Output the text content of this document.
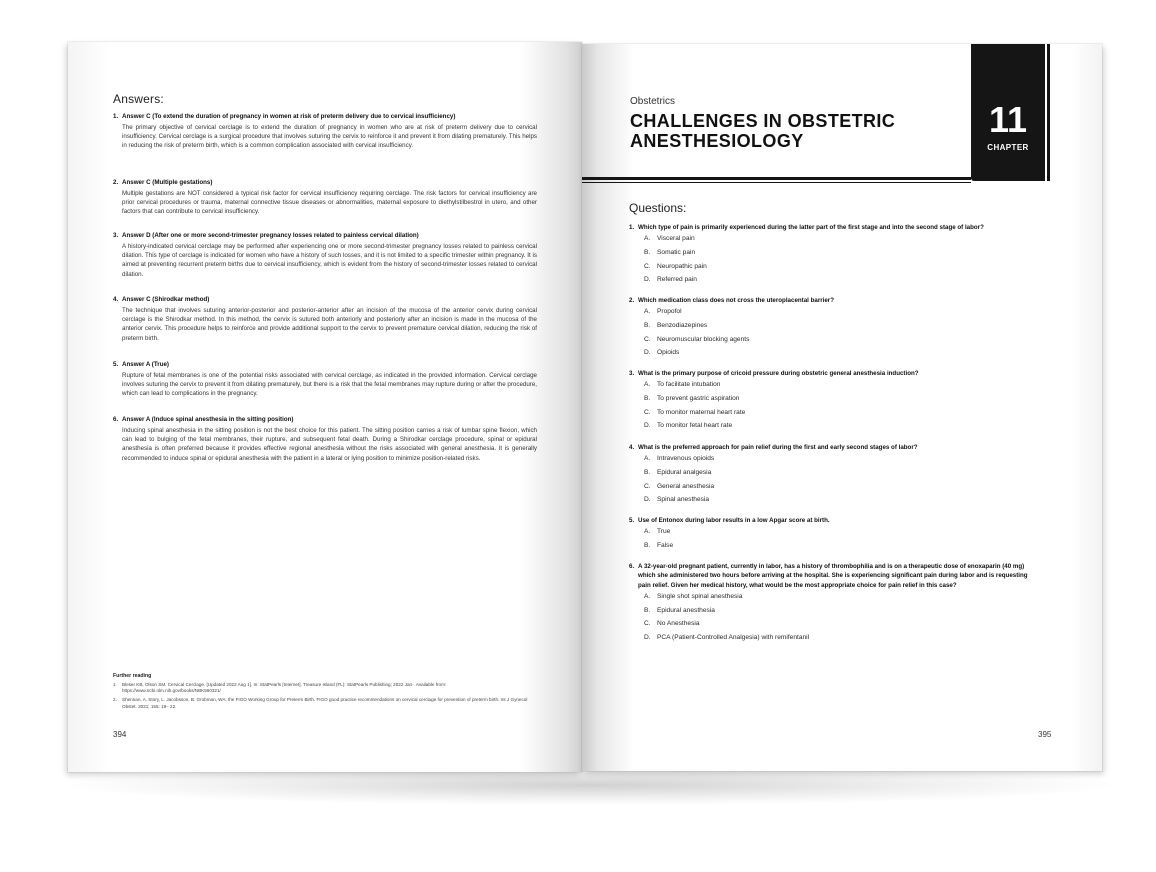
Answers:
1. Answer C (To extend the duration of pregnancy in women at risk of preterm delivery due to cervical insufficiency)
The primary objective of cervical cerclage is to extend the duration of pregnancy in women who are at risk of preterm delivery due to cervical insufficiency. Cervical cerclage is a surgical procedure that involves suturing the cervix to reinforce it and prevent it from dilating prematurely. This helps in reducing the risk of preterm birth, which is a common complication associated with cervical insufficiency.
2. Answer C (Multiple gestations)
Multiple gestations are NOT considered a typical risk factor for cervical insufficiency requiring cerclage. The risk factors for cervical insufficiency are prior cervical procedures or trauma, maternal connective tissue diseases or abnormalities, maternal exposure to diethylstilbestrol in utero, and other factors that can contribute to cervical insufficiency.
3. Answer D (After one or more second-trimester pregnancy losses related to painless cervical dilation)
A history-indicated cervical cerclage may be performed after experiencing one or more second-trimester pregnancy losses related to painless cervical dilation. This type of cerclage is indicated for women who have a history of such losses, and it is not limited to a specific trimester within pregnancy. It is aimed at preventing recurrent preterm births due to cervical insufficiency, which is evident from the history of second-trimester losses related to cervical dilation.
4. Answer C (Shirodkar method)
The technique that involves suturing anterior-posterior and posterior-anterior after an incision of the mucosa of the anterior cervix during cervical cerclage is the Shirodkar method. In this method, the cervix is sutured both anteriorly and posteriorly after an incision is made in the mucosa of the anterior cervix. This procedure helps to reinforce and provide additional support to the cervix to prevent premature cervical dilation, reducing the risk of preterm birth.
5. Answer A (True)
Rupture of fetal membranes is one of the potential risks associated with cervical cerclage, as indicated in the provided information. Cervical cerclage involves suturing the cervix to prevent it from dilating prematurely, but there is a risk that the fetal membranes may rupture during or after the procedure, which can lead to complications in the pregnancy.
6. Answer A (Induce spinal anesthesia in the sitting position)
Inducing spinal anesthesia in the sitting position is not the best choice for this patient. The sitting position carries a risk of lumbar spine flexion, which can lead to bulging of the fetal membranes, their rupture, and subsequent fetal death. During a Shirodkar cerclage procedure, spinal or epidural anesthesia is often preferred because it provides effective regional anesthesia without the risks associated with general anesthesia. It is generally recommended to induce spinal or epidural anesthesia with the patient in a lateral or lying position to minimize position-related risks.
Further reading
1.	Bleser KB, Olson SM. Cervical Cerclage. [Updated 2022 Aug 1]. In: StatPearls [Internet]. Treasure Island (FL): StatPearls Publishing; 2022 Jan-. Available from: https://www.ncbi.nlm.nih.gov/books/NBK560321/
2.	Shennan, A. Story, L. Jacobsson, B. Grobman, WA; the FIGO Working Group for Preterm Birth. FIGO good practice recommendations on cervical cerclage for prevention of preterm birth. Int J Gynecol Obstet. 2021; 155: 19– 22.
394
Obstetrics
CHALLENGES IN OBSTETRIC
ANESTHESIOLOGY
11
CHAPTER
Questions:
1. Which type of pain is primarily experienced during the latter part of the first stage and into the second stage of labor?
A.	Visceral pain
B.	Somatic pain
C. Neuropathic pain
D. Referred pain
2. Which medication class does not cross the uteroplacental barrier?
A.	Propofol
B.	Benzodiazepines
C. Neuromuscular blocking agents
D. Opioids
3. What is the primary purpose of cricoid pressure during obstetric general anesthesia induction?
A.	To facilitate intubation
B.	To prevent gastric aspiration
C. To monitor maternal heart rate
D. To monitor fetal heart rate
4. What is the preferred approach for pain relief during the first and early second stages of labor?
A.	Intravenous opioids
B.	Epidural analgesia
C. General anesthesia
D. Spinal anesthesia
5. Use of Entonox during labor results in a low Apgar score at birth.
A.	True
B.	False
6. A 32-year-old pregnant patient, currently in labor, has a history of thrombophilia and is on a therapeutic dose of enoxaparin (40 mg) which she administered two hours before arriving at the hospital. She is experiencing significant pain during labor and is requesting pain relief. Given her medical history, what would be the most appropriate choice for pain relief in this case?
A.	Single shot spinal anesthesia
B.	Epidural anesthesia
C. No Anesthesia
D. PCA (Patient-Controlled Analgesia) with remifentanil
395
